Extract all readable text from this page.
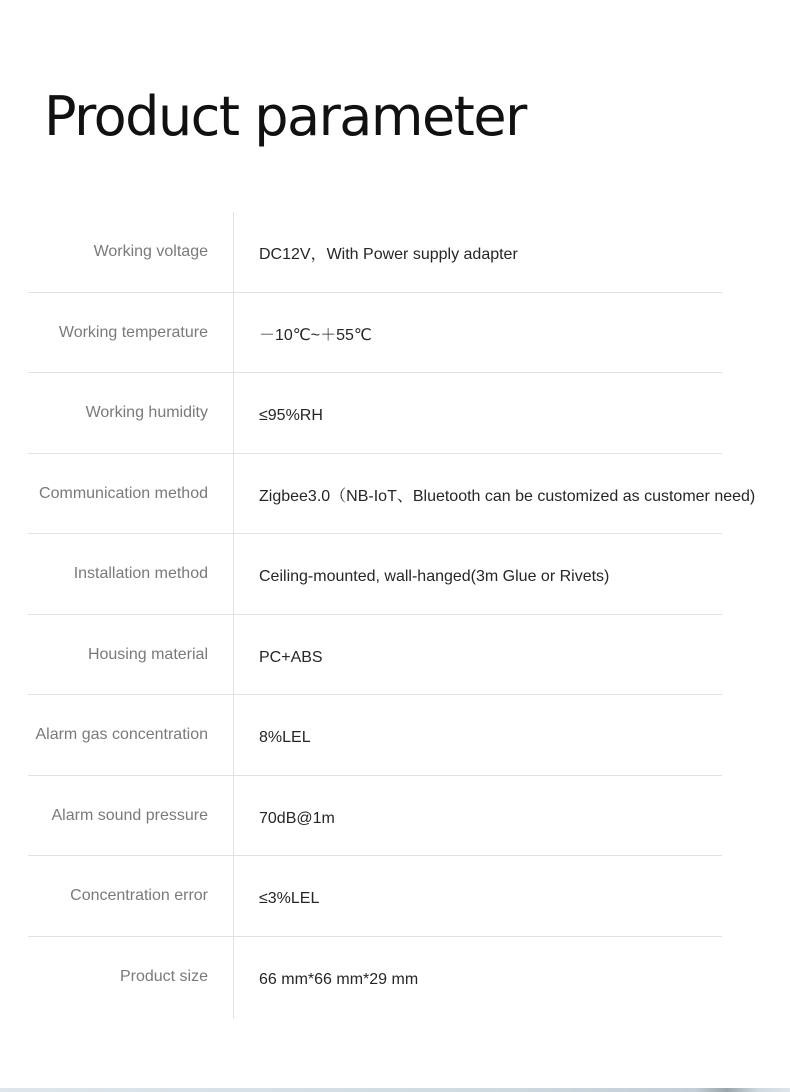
Product parameter
Working voltage	DC12V，With Power supply adapter
Working temperature	－10℃~＋55℃
Working humidity	≤95%RH
Communication method	Zigbee3.0（NB-IoT、Bluetooth can be customized as customer need)
Installation method	Ceiling-mounted, wall-hanged(3m Glue or Rivets)
Housing material	PC+ABS
Alarm gas concentration	8%LEL
Alarm sound pressure	70dB@1m
Concentration error	≤3%LEL
Product size	66 mm*66 mm*29 mm
